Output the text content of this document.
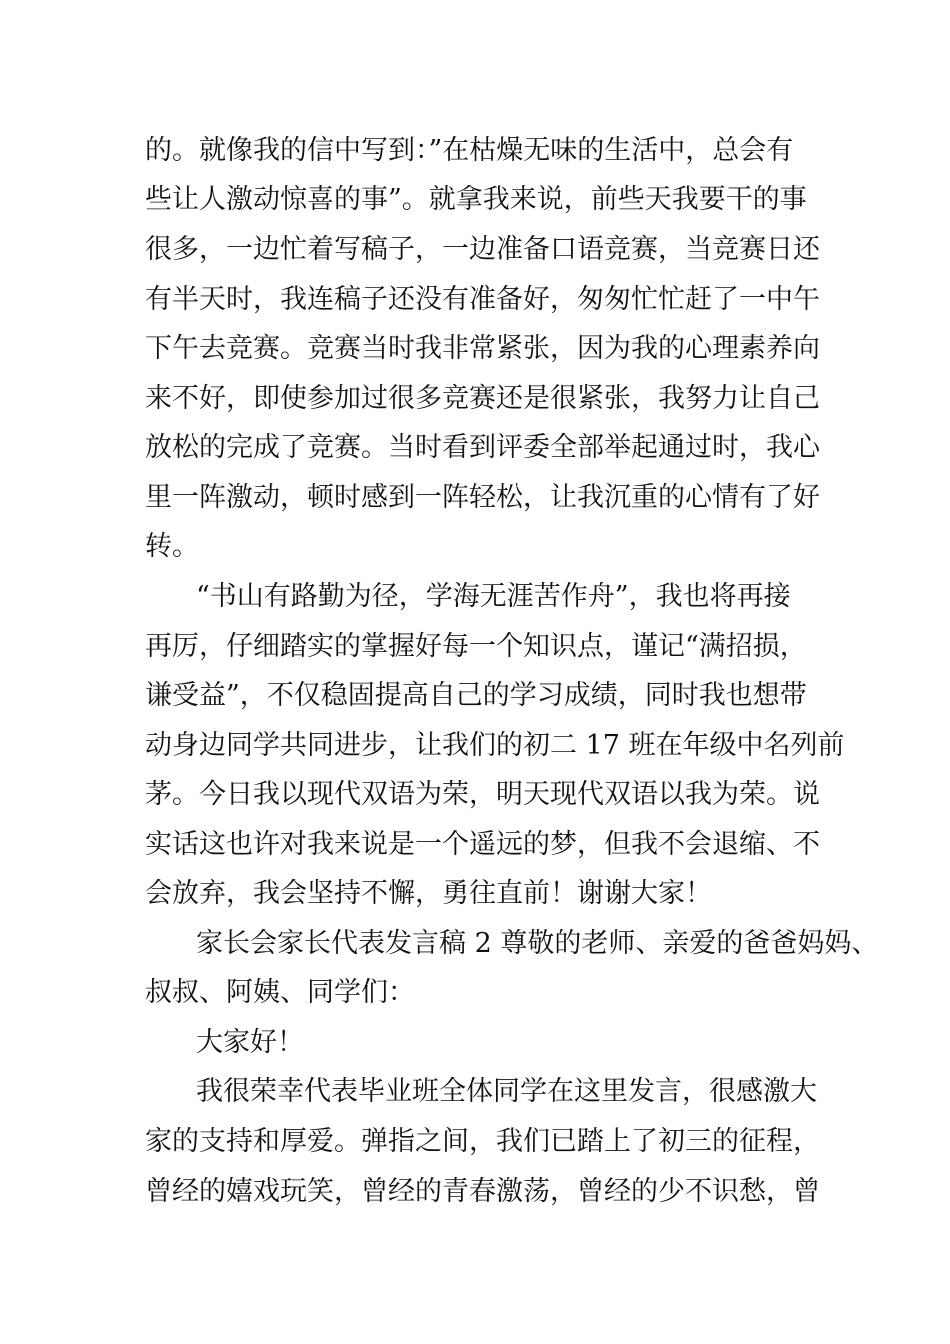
的。就像我的信中写到：”在枯燥无味的生活中，总会有
些让人激动惊喜的事”。就拿我来说，前些天我要干的事
很多，一边忙着写稿子，一边准备口语竞赛，当竞赛日还
有半天时，我连稿子还没有准备好，匆匆忙忙赶了一中午
下午去竞赛。竞赛当时我非常紧张，因为我的心理素养向
来不好，即使参加过很多竞赛还是很紧张，我努力让自己
放松的完成了竞赛。当时看到评委全部举起通过时，我心
里一阵激动，顿时感到一阵轻松，让我沉重的心情有了好
转。
“书山有路勤为径，学海无涯苦作舟”，我也将再接
再厉，仔细踏实的掌握好每一个知识点，谨记“满招损，
谦受益”，不仅稳固提高自己的学习成绩，同时我也想带
动身边同学共同进步，让我们的初二 17 班在年级中名列前
茅。今日我以现代双语为荣，明天现代双语以我为荣。说
实话这也许对我来说是一个遥远的梦，但我不会退缩、不
会放弃，我会坚持不懈，勇往直前！谢谢大家！
家长会家长代表发言稿 2 尊敬的老师、亲爱的爸爸妈妈、
叔叔、阿姨、同学们：
大家好！
我很荣幸代表毕业班全体同学在这里发言，很感激大
家的支持和厚爱。弹指之间，我们已踏上了初三的征程，
曾经的嬉戏玩笑，曾经的青春激荡，曾经的少不识愁，曾
